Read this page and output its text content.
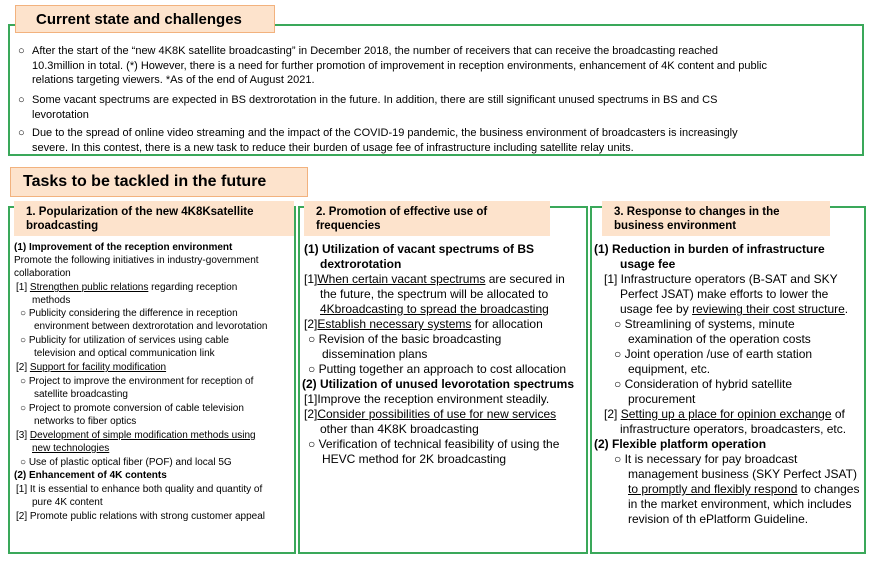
Current state and challenges
○ After the start of the “new 4K8K satellite broadcasting” in December 2018, the number of receivers that can receive the broadcasting reached
10.3million in total. (*) However, there is a need for further promotion of improvement in reception environments, enhancement of 4K content and public
relations targeting viewers. *As of the end of August 2021.
○ Some vacant spectrums are expected in BS dextrorotation in the future. In addition, there are still significant unused spectrums in BS and CS
levorotation
○ Due to the spread of online video streaming and the impact of the COVID-19 pandemic, the business environment of broadcasters is increasingly
severe. In this contest, there is a new task to reduce their burden of usage fee of infrastructure including satellite relay units.
Tasks to be tackled in the future
1. Popularization of the new 4K8Ksatellite
broadcasting
2. Promotion of effective use of
frequencies
3. Response to changes in the
business environment
(1) Improvement of the reception environment
Promote the following initiatives in industry-government
collaboration
[1] Strengthen public relations regarding reception
methods
○ Publicity considering the difference in reception
environment between dextrorotation and levorotation
○ Publicity for utilization of services using cable
television and optical communication link
[2] Support for facility modification
○ Project to improve the environment for reception of
satellite broadcasting
○ Project to promote conversion of cable television
networks to fiber optics
[3] Development of simple modification methods using
new technologies
○ Use of plastic optical fiber (POF) and local 5G
(2) Enhancement of 4K contents
[1] It is essential to enhance both quality and quantity of
pure 4K content
[2] Promote public relations with strong customer appeal
(1) Utilization of vacant spectrums of BS
dextrorotation
[1]When certain vacant spectrums are secured in
the future, the spectrum will be allocated to
4Kbroadcasting to spread the broadcasting
[2]Establish necessary systems for allocation
○ Revision of the basic broadcasting
dissemination plans
○ Putting together an approach to cost allocation
(2) Utilization of unused levorotation spectrums
[1]Improve the reception environment steadily.
[2]Consider possibilities of use for new services
other than 4K8K broadcasting
○ Verification of technical feasibility of using the
HEVC method for 2K broadcasting
(1) Reduction in burden of infrastructure
usage fee
[1] Infrastructure operators (B-SAT and SKY
Perfect JSAT) make efforts to lower the
usage fee by reviewing their cost structure.
○ Streamlining of systems, minute
examination of the operation costs
○ Joint operation /use of earth station
equipment, etc.
○ Consideration of hybrid satellite
procurement
[2] Setting up a place for opinion exchange of
infrastructure operators, broadcasters, etc.
(2) Flexible platform operation
○ It is necessary for pay broadcast
management business (SKY Perfect JSAT)
to promptly and flexibly respond to changes
in the market environment, which includes
revision of th ePlatform Guideline.
